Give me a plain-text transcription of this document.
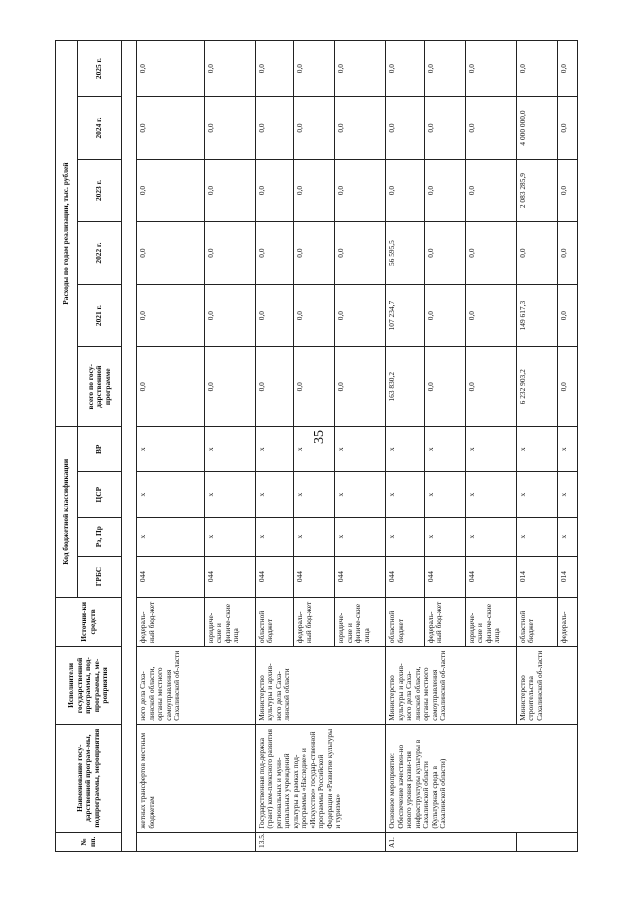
35
№ пп.	Наименование госу-дарственной програм-мы, подпрограммы, мероприятия	Исполнители государственной программы, под-программы, ме-роприятия	Источни-ки средств	Код бюджетной классификации				Расходы по годам реализации, тыс. рублей					
				ГРБС	Рз, Пр	ЦСР	ВР	всего по госу-дарственной программе	2021 г.	2022 г.	2023 г.	2024 г.	2025 г.

	жетных трансфертов местным бюджетам	ного дела Саха-линской области, органы местного самоуправления Сахалинской об-ласти	федераль-ный бюд-жет	044	х	х	х	0,0	0,0	0,0	0,0	0,0	0,0
			юридиче-ские и физиче-ские лица	044	х	х	х	0,0	0,0	0,0	0,0	0,0	0,0
13.5.	Государственная под-держка (грант) ком-плексного развития региональных и муни-ципальных учреждений культуры в рамках под-программы «Наследие» и «Искусство» государ-ственной программы Российской Федерации «Развитие культуры и туризма»	Министерство культуры и архив-ного дела Саха-линской области	областной бюджет	044	х	х	х	0,0	0,0	0,0	0,0	0,0	0,0
			федераль-ный бюд-жет	044	х	х	х	0,0	0,0	0,0	0,0	0,0	0,0
			юридиче-ские и физиче-ские лица	044	х	х	х	0,0	0,0	0,0	0,0	0,0	0,0
А1.	Основное мероприятие: Обеспечение качествен-но нового уровня разви-тия инфраструктуры культуры в Сахалинской области (Культурная среда в Сахалинской области)	Министерство культуры и архив-ного дела Саха-линской области, органы местного самоуправления Сахалинской об-ласти	областной бюджет	044	х	х	х	163 830,2	107 234,7	56 595,5	0,0	0,0	0,0
			федераль-ный бюд-жет	044	х	х	х	0,0	0,0	0,0	0,0	0,0	0,0
			юридиче-ские и физиче-ские лица	044	х	х	х	0,0	0,0	0,0	0,0	0,0	0,0
		Министерство строительства Сахалинской об-ласти	областной бюджет	014	х	х	х	6 232 903,2	149 617,3	0,0	2 083 285,9	4 000 000,0	0,0
			федераль-	014	х	х	х	0,0	0,0	0,0	0,0	0,0	0,0
